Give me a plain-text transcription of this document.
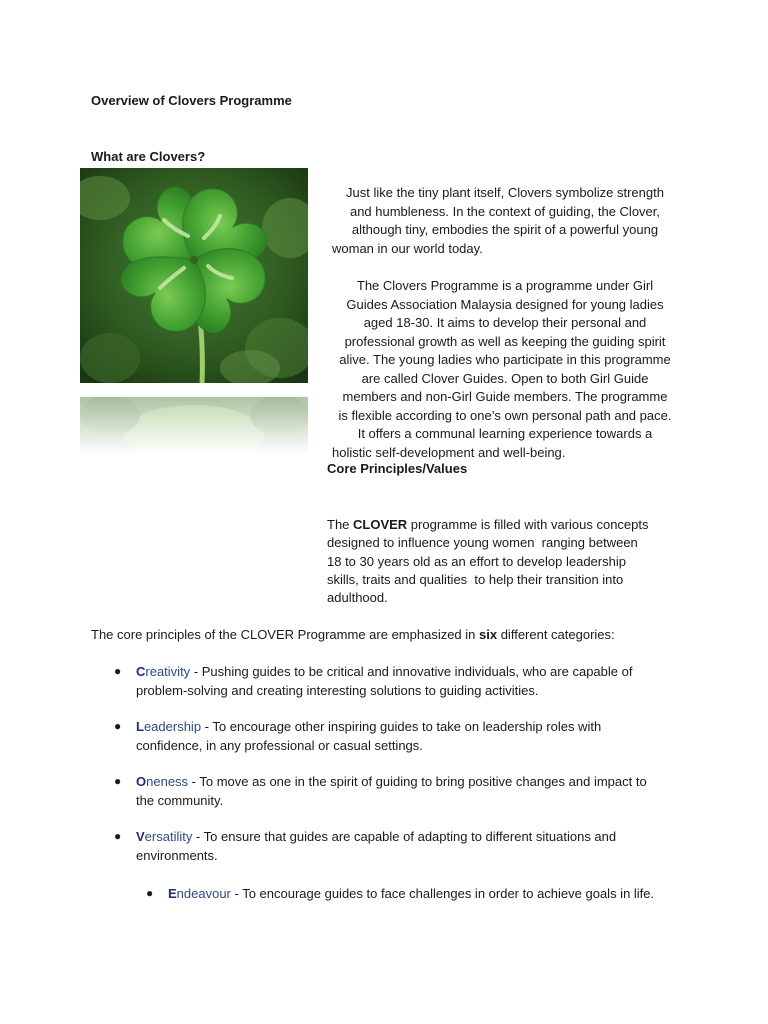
Overview of Clovers Programme
What are Clovers?
Just like the tiny plant itself, Clovers symbolize strength
and humbleness. In the context of guiding, the Clover,
although tiny, embodies the spirit of a powerful young
woman in our world today.
The Clovers Programme is a programme under Girl
Guides Association Malaysia designed for young ladies
aged 18-30. It aims to develop their personal and
professional growth as well as keeping the guiding spirit
alive. The young ladies who participate in this programme
are called Clover Guides. Open to both Girl Guide
members and non-Girl Guide members. The programme
is flexible according to one’s own personal path and pace.
It offers a communal learning experience towards a
holistic self-development and well-being.
Core Principles/Values
The CLOVER programme is filled with various concepts
designed to influence young women  ranging between
18 to 30 years old as an effort to develop leadership
skills, traits and qualities  to help their transition into
adulthood.
The core principles of the CLOVER Programme are emphasized in six different categories:
● Creativity - Pushing guides to be critical and innovative individuals, who are capable of
problem-solving and creating interesting solutions to guiding activities.
● Leadership - To encourage other inspiring guides to take on leadership roles with
confidence, in any professional or casual settings.
● Oneness - To move as one in the spirit of guiding to bring positive changes and impact to
the community.
● Versatility - To ensure that guides are capable of adapting to different situations and
environments.
● Endeavour - To encourage guides to face challenges in order to achieve goals in life.
